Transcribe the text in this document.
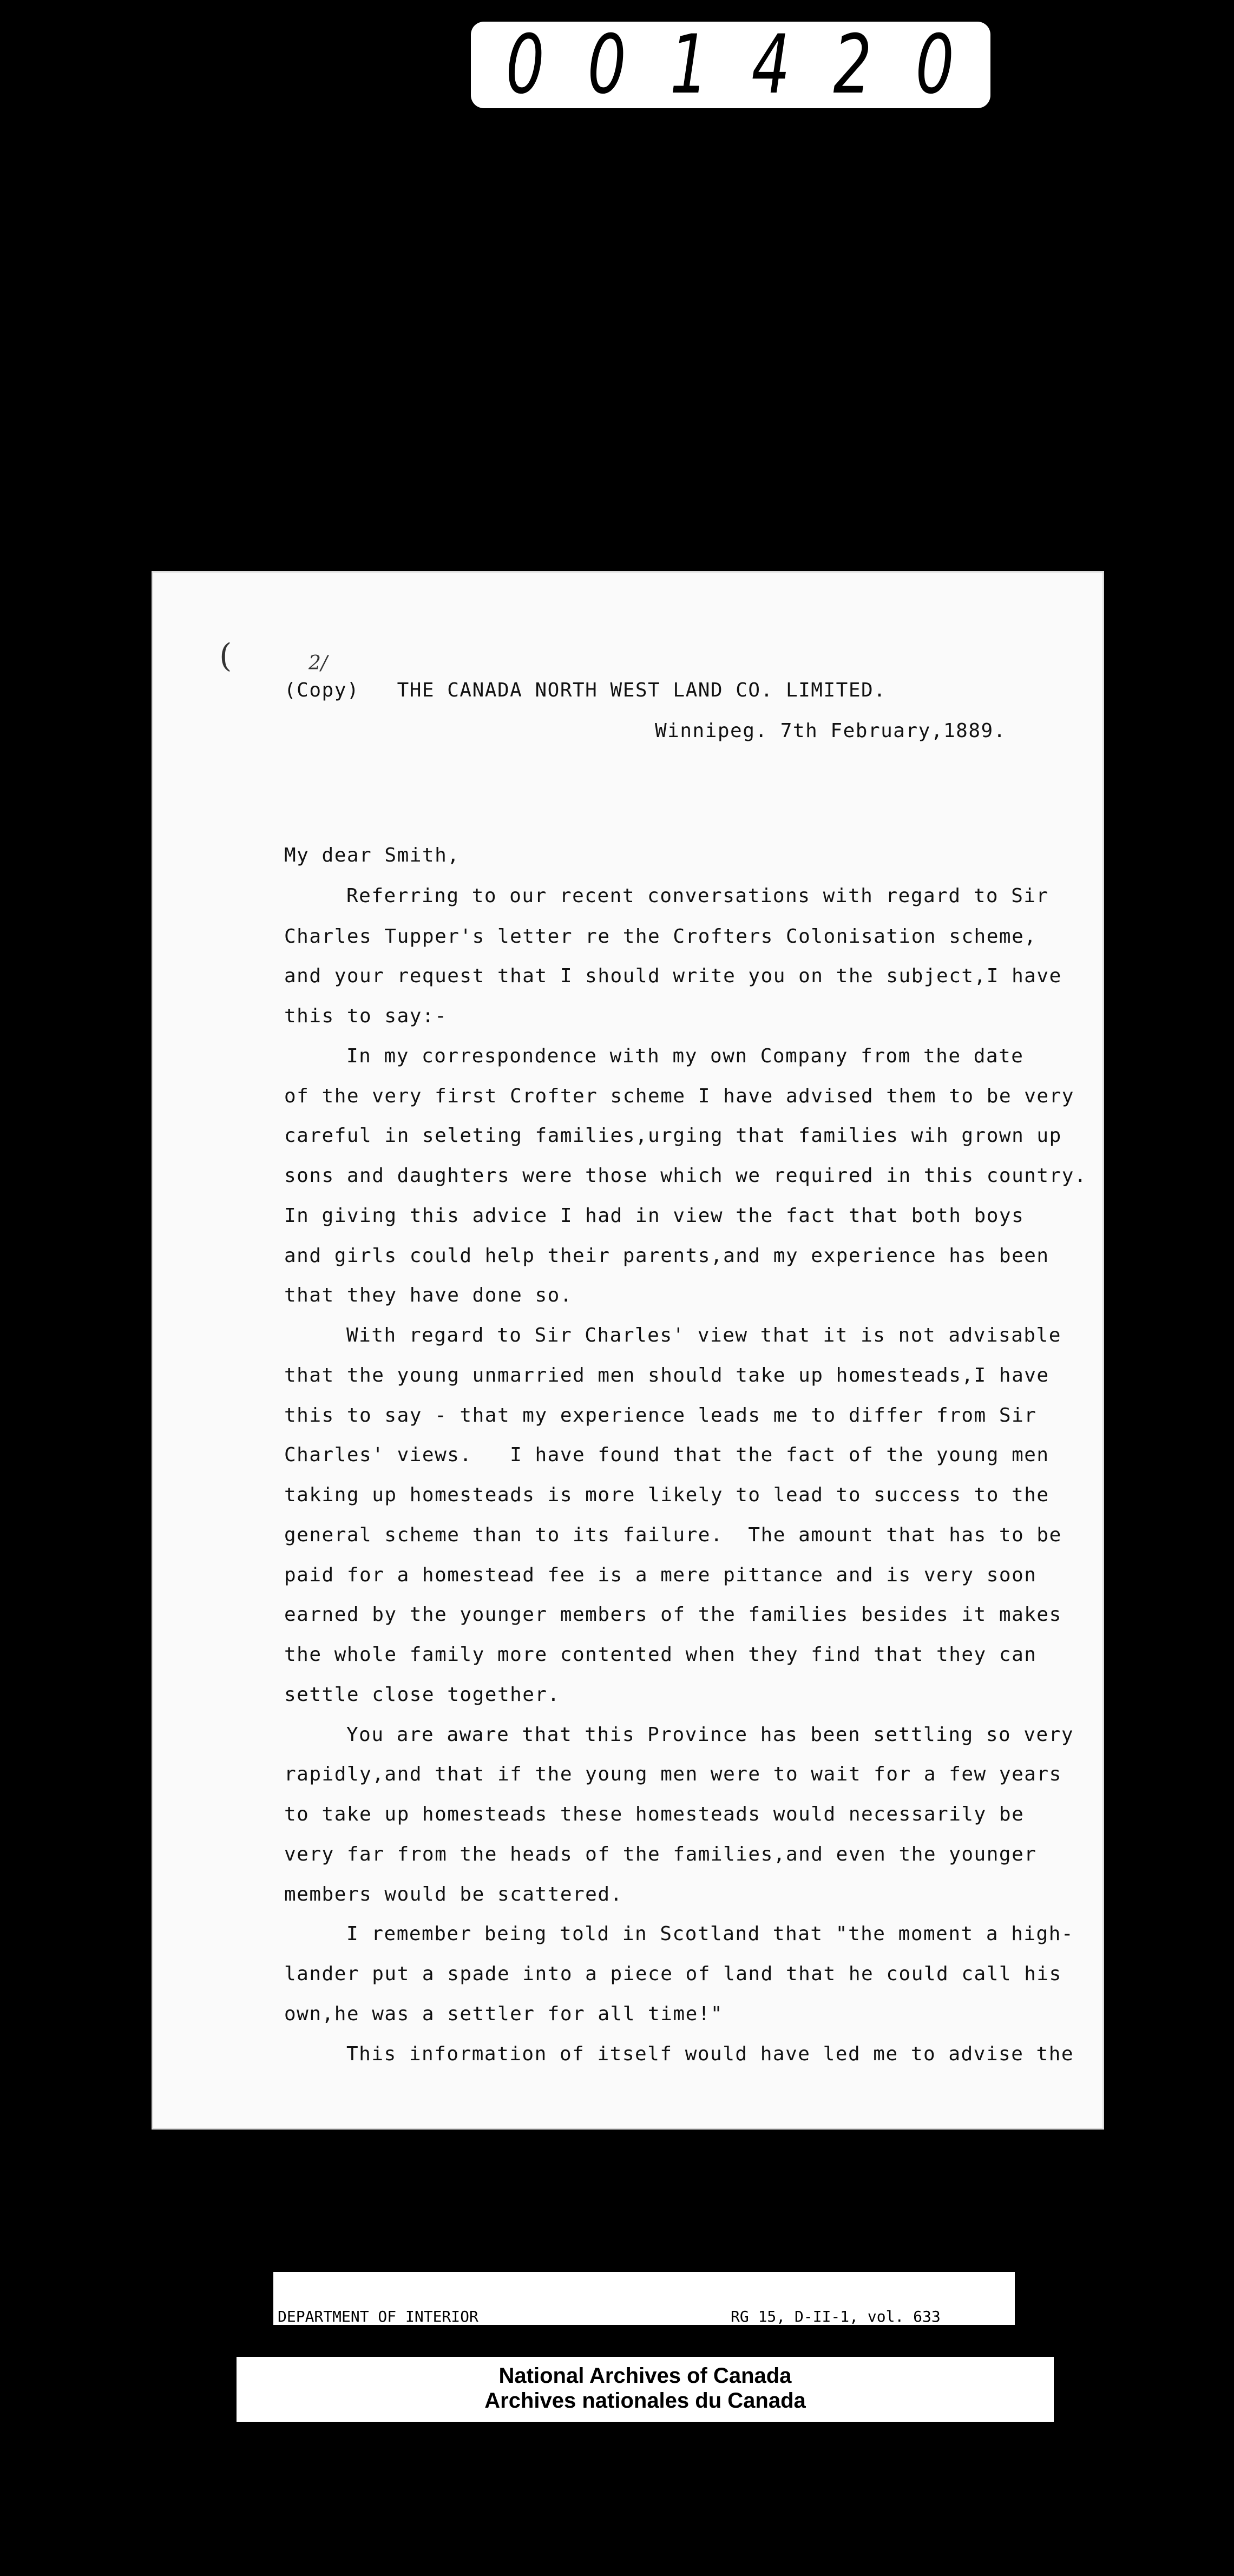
0 0 1 4 2 0
(	2/
(Copy)   THE CANADA NORTH WEST LAND CO. LIMITED.
Winnipeg. 7th February,1889.
My dear Smith,
Referring to our recent conversations with regard to Sir
Charles Tupper's letter re the Crofters Colonisation scheme,
and your request that I should write you on the subject,I have
this to say:-
In my correspondence with my own Company from the date
of the very first Crofter scheme I have advised them to be very
careful in seleting families,urging that families wih grown up
sons and daughters were those which we required in this country.
In giving this advice I had in view the fact that both boys
and girls could help their parents,and my experience has been
that they have done so.
With regard to Sir Charles' view that it is not advisable
that the young unmarried men should take up homesteads,I have
this to say - that my experience leads me to differ from Sir
Charles' views.   I have found that the fact of the young men
taking up homesteads is more likely to lead to success to the
general scheme than to its failure.  The amount that has to be
paid for a homestead fee is a mere pittance and is very soon
earned by the younger members of the families besides it makes
the whole family more contented when they find that they can
settle close together.
You are aware that this Province has been settling so very
rapidly,and that if the young men were to wait for a few years
to take up homesteads these homesteads would necessarily be
very far from the heads of the families,and even the younger
members would be scattered.
I remember being told in Scotland that "the moment a high-
lander put a spade into a piece of land that he could call his
own,he was a settler for all time!"
This information of itself would have led me to advise the

DEPARTMENT OF INTERIOR

	RG 15, D-II-1, vol. 633

National Archives of Canada
Archives nationales du Canada
